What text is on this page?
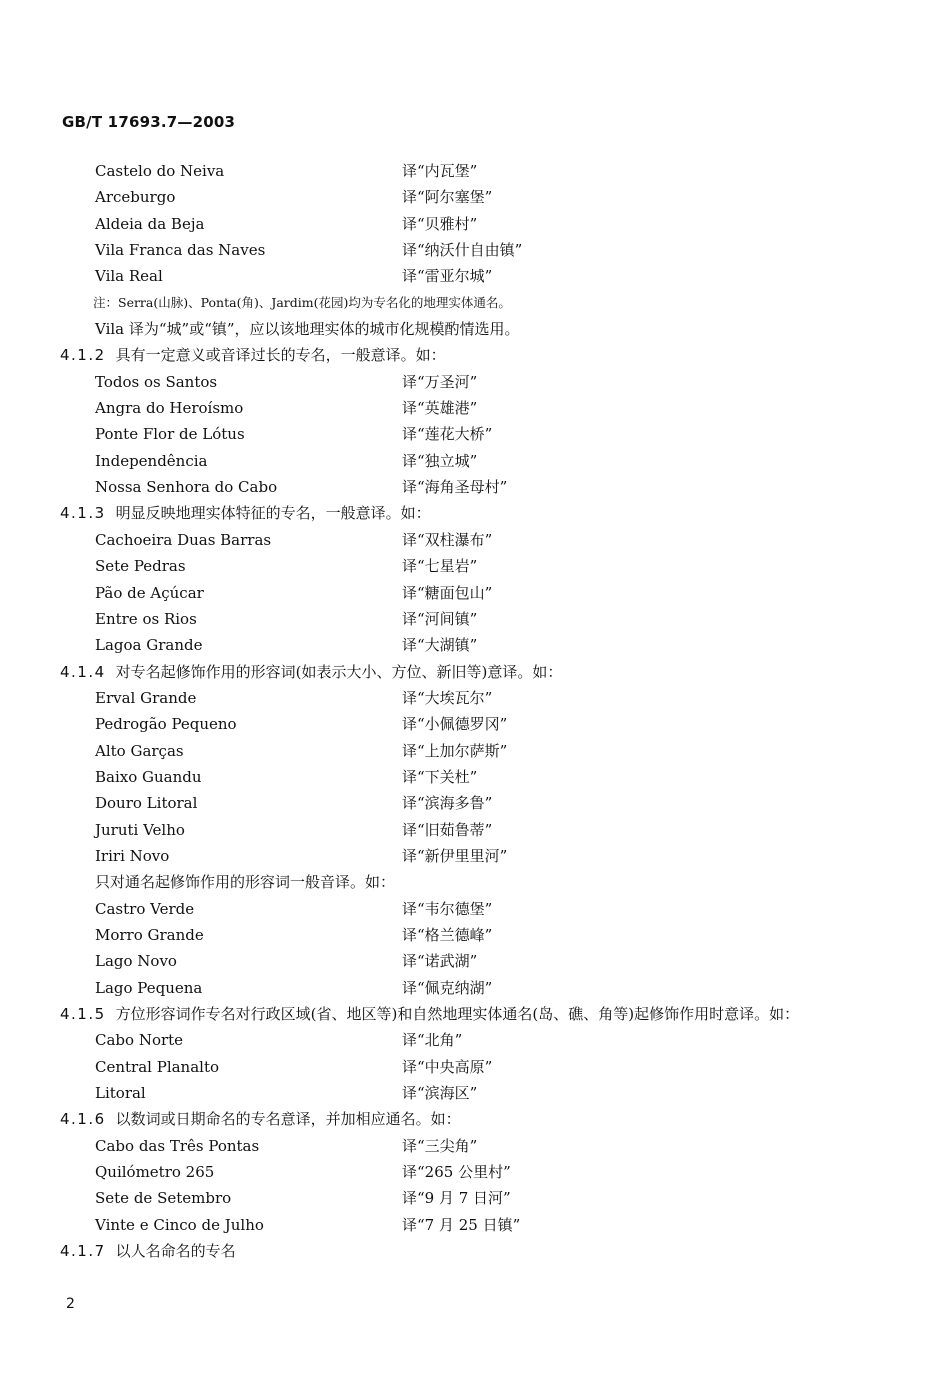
GB/T 17693.7—2003
Castelo do Neiva	译“内瓦堡”
Arceburgo	译“阿尔塞堡”
Aldeia da Beja	译“贝雅村”
Vila Franca das Naves	译“纳沃什自由镇”
Vila Real	译“雷亚尔城”
注：Serra(山脉)、Ponta(角)、Jardim(花园)均为专名化的地理实体通名。
Vila 译为“城”或“镇”，应以该地理实体的城市化规模酌情选用。
4.1.2 具有一定意义或音译过长的专名，一般意译。如：
Todos os Santos	译“万圣河”
Angra do Heroísmo	译“英雄港”
Ponte Flor de Lótus	译“莲花大桥”
Independência	译“独立城”
Nossa Senhora do Cabo	译“海角圣母村”
4.1.3 明显反映地理实体特征的专名，一般意译。如：
Cachoeira Duas Barras	译“双柱瀑布”
Sete Pedras	译“七星岩”
Pão de Açúcar	译“糖面包山”
Entre os Rios	译“河间镇”
Lagoa Grande	译“大湖镇”
4.1.4 对专名起修饰作用的形容词(如表示大小、方位、新旧等)意译。如：
Erval Grande	译“大埃瓦尔”
Pedrogão Pequeno	译“小佩德罗冈”
Alto Garças	译“上加尔萨斯”
Baixo Guandu	译“下关杜”
Douro Litoral	译“滨海多鲁”
Juruti Velho	译“旧茹鲁蒂”
Iriri Novo	译“新伊里里河”
只对通名起修饰作用的形容词一般音译。如：
Castro Verde	译“韦尔德堡”
Morro Grande	译“格兰德峰”
Lago Novo	译“诺武湖”
Lago Pequena	译“佩克纳湖”
4.1.5 方位形容词作专名对行政区域(省、地区等)和自然地理实体通名(岛、礁、角等)起修饰作用时意译。如：
Cabo Norte	译“北角”
Central Planalto	译“中央高原”
Litoral	译“滨海区”
4.1.6 以数词或日期命名的专名意译，并加相应通名。如：
Cabo das Três Pontas	译“三尖角”
Quilómetro 265	译“265 公里村”
Sete de Setembro	译“9 月 7 日河”
Vinte e Cinco de Julho	译“7 月 25 日镇”
4.1.7 以人名命名的专名
2
